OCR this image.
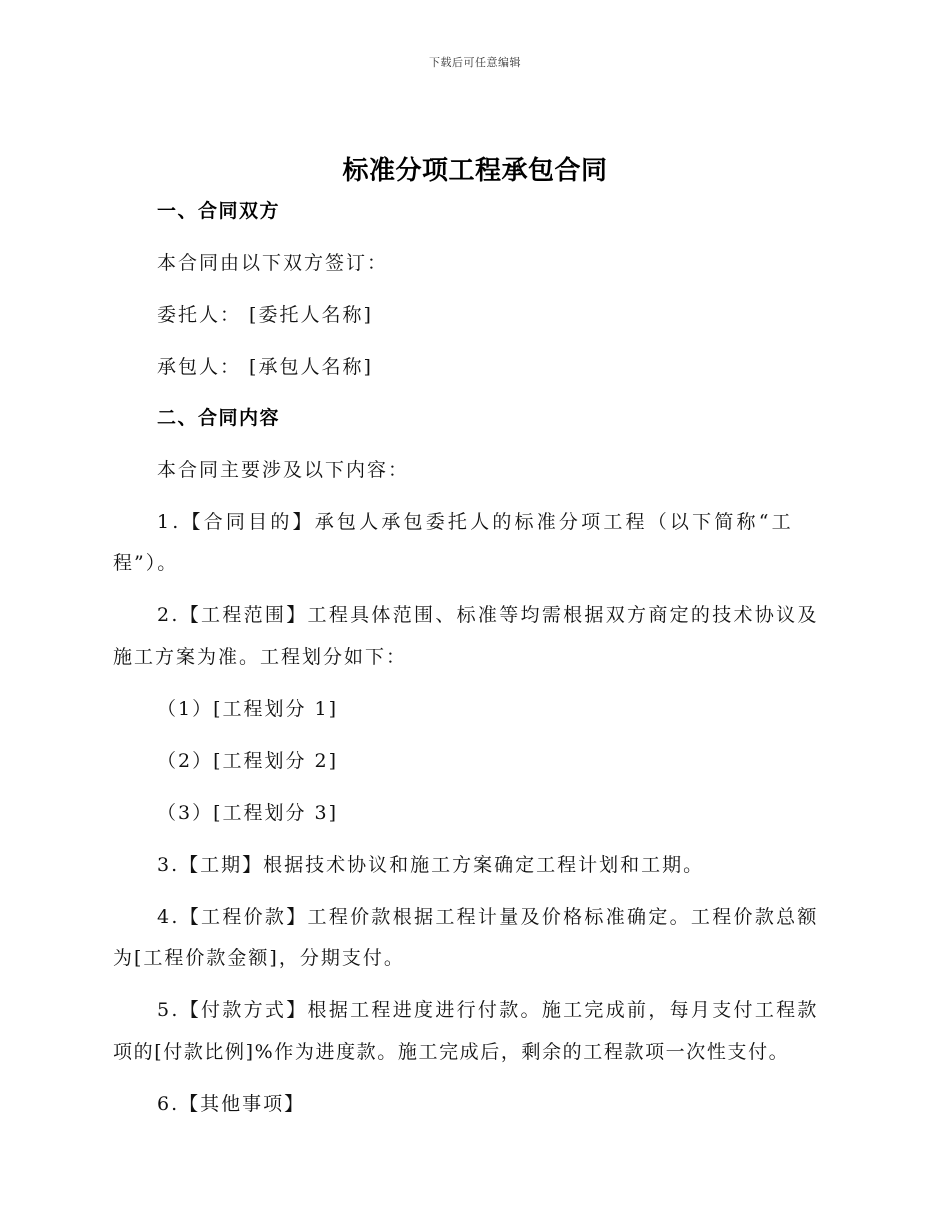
下载后可任意编辑
标准分项工程承包合同
一、合同双方
本合同由以下双方签订：
委托人： [委托人名称]
承包人： [承包人名称]
二、合同内容
本合同主要涉及以下内容：
1.【合同目的】承包人承包委托人的标准分项工程（以下简称“工
程”）。
2.【工程范围】工程具体范围、标准等均需根据双方商定的技术协议及
施工方案为准。工程划分如下：
（1）[工程划分 1]
（2）[工程划分 2]
（3）[工程划分 3]
3.【工期】根据技术协议和施工方案确定工程计划和工期。
4.【工程价款】工程价款根据工程计量及价格标准确定。工程价款总额
为[工程价款金额]，分期支付。
5.【付款方式】根据工程进度进行付款。施工完成前，每月支付工程款
项的[付款比例]%作为进度款。施工完成后，剩余的工程款项一次性支付。
6.【其他事项】
